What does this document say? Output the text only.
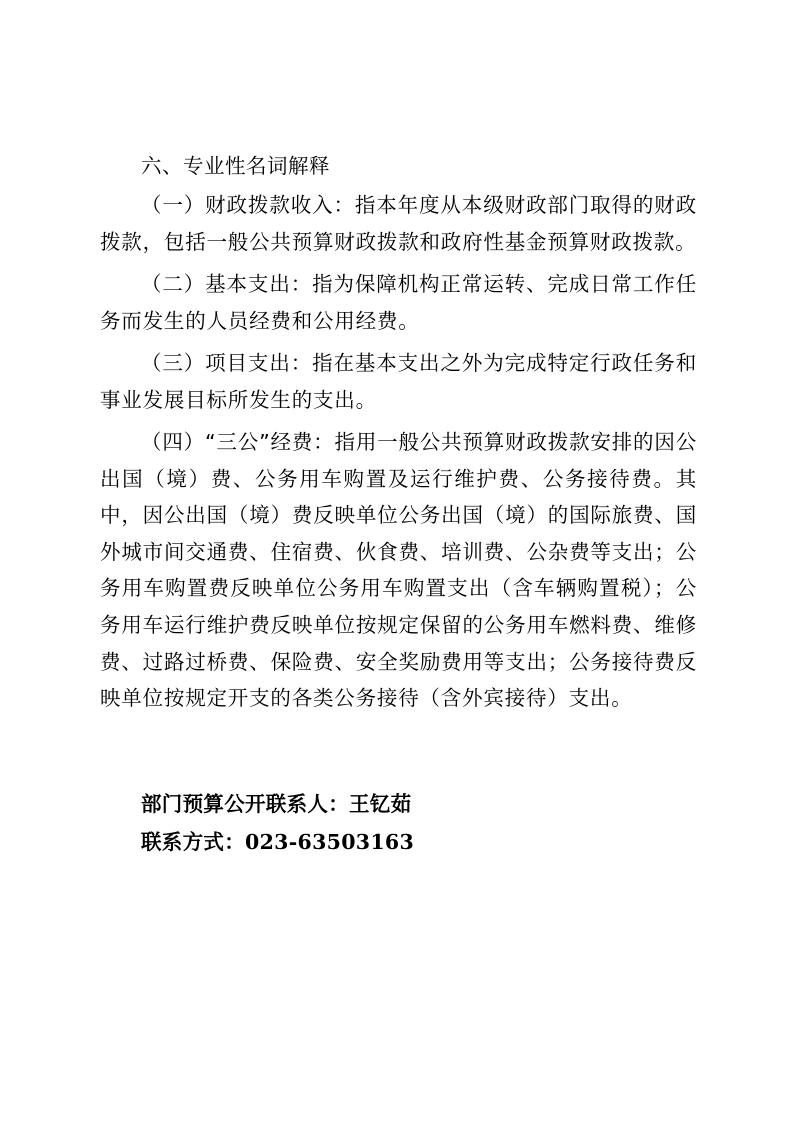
六、专业性名词解释

（一）财政拨款收入：指本年度从本级财政部门取得的财政拨款，包括一般公共预算财政拨款和政府性基金预算财政拨款。

（二）基本支出：指为保障机构正常运转、完成日常工作任务而发生的人员经费和公用经费。

（三）项目支出：指在基本支出之外为完成特定行政任务和事业发展目标所发生的支出。

（四）“三公”经费：指用一般公共预算财政拨款安排的因公出国（境）费、公务用车购置及运行维护费、公务接待费。其中，因公出国（境）费反映单位公务出国（境）的国际旅费、国外城市间交通费、住宿费、伙食费、培训费、公杂费等支出；公务用车购置费反映单位公务用车购置支出（含车辆购置税）；公务用车运行维护费反映单位按规定保留的公务用车燃料费、维修费、过路过桥费、保险费、安全奖励费用等支出；公务接待费反映单位按规定开支的各类公务接待（含外宾接待）支出。

部门预算公开联系人：王钇茹
联系方式：023-63503163
